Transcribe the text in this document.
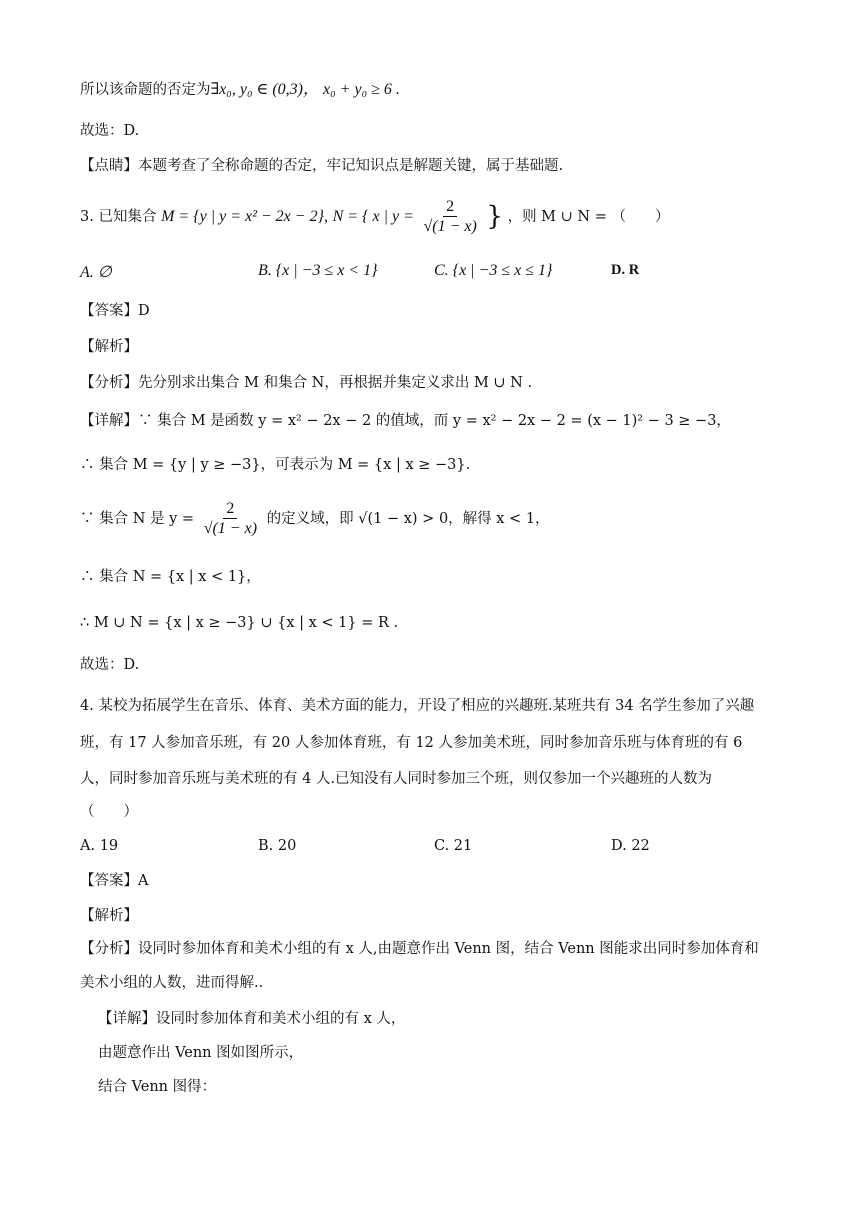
所以该命题的否定为∃x₀, y₀ ∈ (0,3)， x₀ + y₀ ≥ 6 .
故选：D.
【点睛】本题考查了全称命题的否定，牢记知识点是解题关键，属于基础题.
3. 已知集合 M = {y | y = x² − 2x − 2}, N = { x | $y = \frac{2}{√(1 - x)}$ } ，则 M ∪ N = （　　）
A. ∅	B. {x | −3 ≤ x < 1}	C. {x | −3 ≤ x ≤ 1}	D. R
【答案】D
【解析】
【分析】先分别求出集合 M 和集合 N，再根据并集定义求出 M ∪ N .
【详解】∵ 集合 M 是函数 y = x² − 2x − 2 的值域，而 y = x² − 2x − 2 = (x − 1)² − 3 ≥ −3，
∴ 集合 M = {y | y ≥ −3}，可表示为 M = {x | x ≥ −3}.
∵ 集合 N 是 $y = \frac{2}{√(1 - x)}$ 的定义域，即 √(1 − x) > 0，解得 x < 1，
∴ 集合 N = {x | x < 1}，
∴ M ∪ N = {x | x ≥ −3} ∪ {x | x < 1} = R .
故选：D.
4. 某校为拓展学生在音乐、体育、美术方面的能力，开设了相应的兴趣班.某班共有 34 名学生参加了兴趣
班，有 17 人参加音乐班，有 20 人参加体育班，有 12 人参加美术班，同时参加音乐班与体育班的有 6
人，同时参加音乐班与美术班的有 4 人.已知没有人同时参加三个班，则仅参加一个兴趣班的人数为
（　　）
A. 19	B. 20	C. 21	D. 22
【答案】A
【解析】
【分析】设同时参加体育和美术小组的有 x 人,由题意作出 Venn 图，结合 Venn 图能求出同时参加体育和
美术小组的人数，进而得解..
【详解】设同时参加体育和美术小组的有 x 人，
由题意作出 Venn 图如图所示，
结合 Venn 图得：
